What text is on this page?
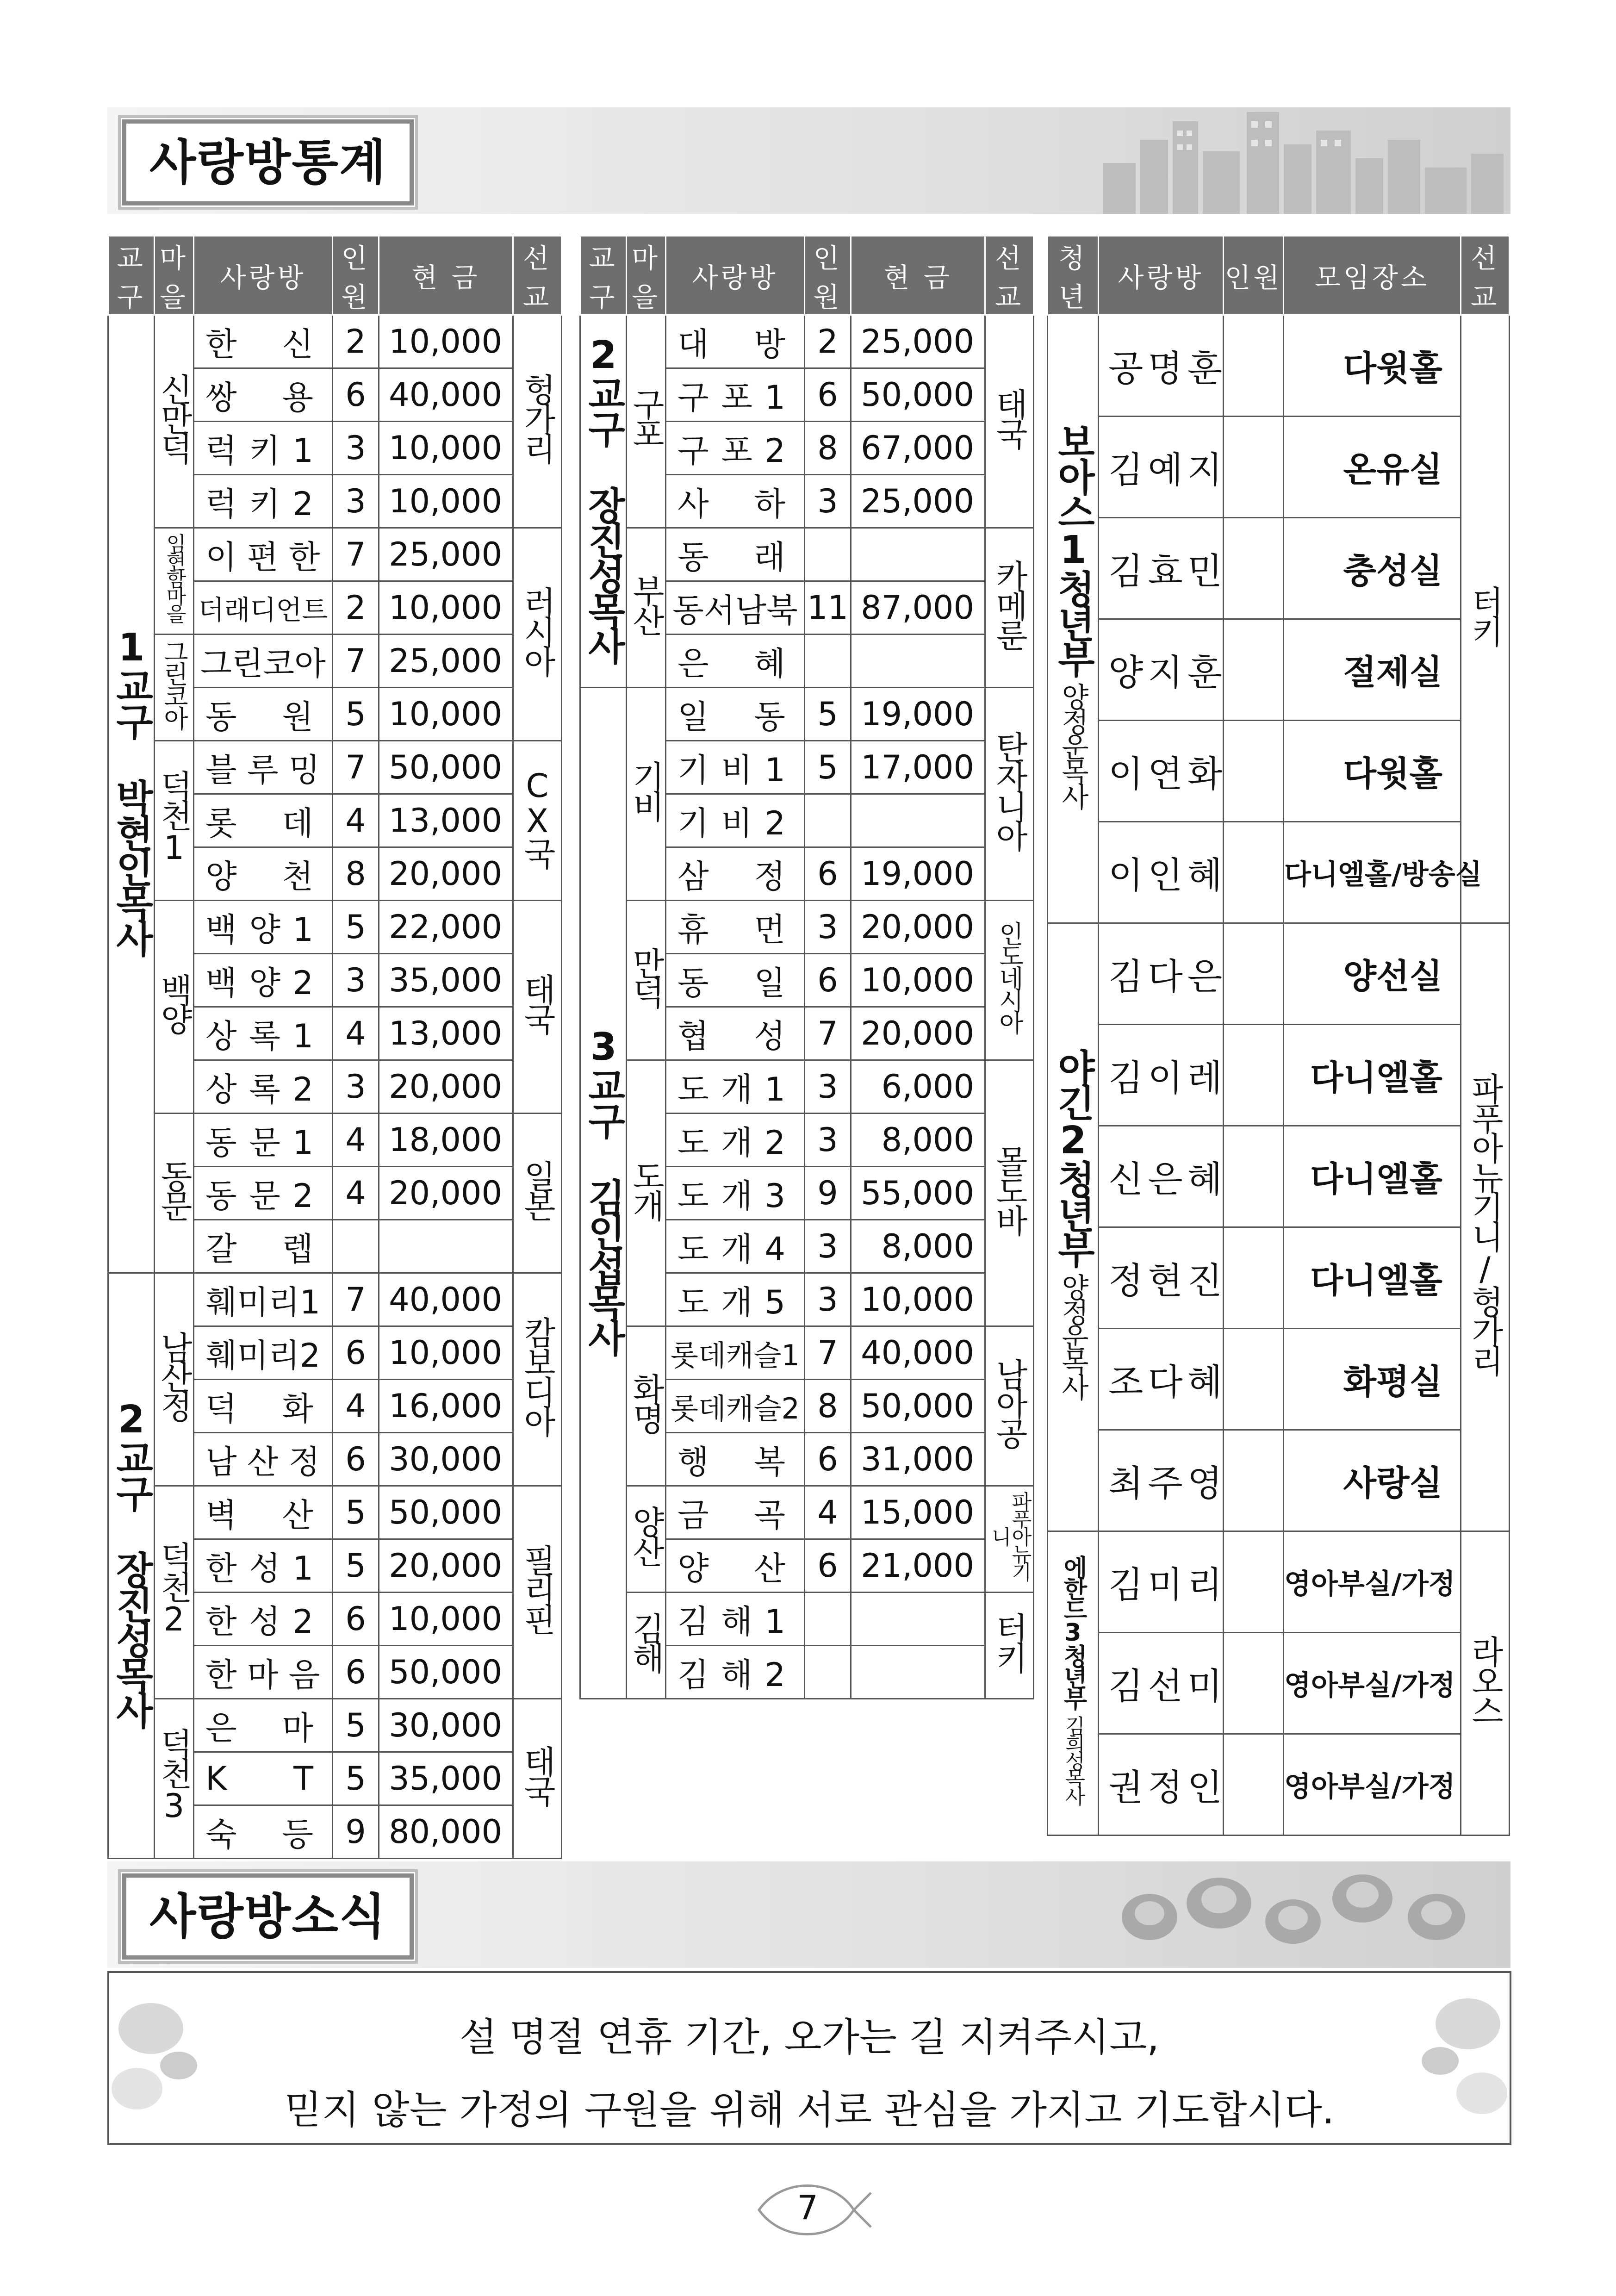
사랑방통계
교구	마을	사랑방	인원	현 금	선교
1교구 박현인목사	신만덕	한 신	2	10,000	헝가리
		쌍 용	6	40,000	
		럭 키 1	3	10,000	
		럭 키 2	3	10,000	
	임현함마을	이 편 한	7	25,000	러시아
		더래디언트	2	10,000	
	그린코아	그린코아	7	25,000	
		동 원	5	10,000	
	덕천1	블 루 밍	7	50,000	CX국
		롯 데	4	13,000	
		양 천	8	20,000	
	백양	백 양 1	5	22,000	태국
		백 양 2	3	35,000	
		상 록 1	4	13,000	
		상 록 2	3	20,000	
	동문	동 문 1	4	18,000	일본
		동 문 2	4	20,000	
		갈 렙			
2교구 장진성목사	남산정	훼미리1	7	40,000	캄보디아
		훼미리2	6	10,000	
		덕 화	4	16,000	
		남 산 정	6	30,000	
	덕천2	벽 산	5	50,000	필리핀
		한 성 1	5	20,000	
		한 성 2	6	10,000	
		한 마 음	6	50,000	
	덕천3	은 마	5	30,000	태국
		K T	5	35,000	
		숙 등	9	80,000	
교구	마을	사랑방	인원	현 금	선교
2교구 장진성목사	구포	대 방	2	25,000	태국
		구 포 1	6	50,000	
		구 포 2	8	67,000	
		사 하	3	25,000	
	부산	동 래			카메룬
		동서남북	11	87,000	
		은 혜			
3교구 김인섭목사	기비	일 동	5	19,000	탄자니아
		기 비 1	5	17,000	
		기 비 2			
		삼 정	6	19,000	
	만덕	휴 먼	3	20,000	인도네시아
		동 일	6	10,000	
		협 성	7	20,000	
	도개	도 개 1	3	6,000	몰도바
		도 개 2	3	8,000	
		도 개 3	9	55,000	
		도 개 4	3	8,000	
		도 개 5	3	10,000	
	화명	롯데캐슬1	7	40,000	남아공
		롯데캐슬2	8	50,000	
		행 복	6	31,000	
	양산	금 곡	4	15,000	파푸아뉴기니
		양 산	6	21,000	
	김해	김 해 1			터키
		김 해 2			
청년	사랑방	인원	모임장소	선교
보아스1청년부
양정운목사	공명훈		다윗홀	터키
	김예지		온유실	
	김효민		충성실	
	양지훈		절제실	
	이연화		다윗홀	
	이인혜		다니엘홀/방송실	
야긴2청년부
양정운목사	김다은		양선실	파푸아뉴기니/헝가리
	김이레		다니엘홀	
	신은혜		다니엘홀	
	정현진		다니엘홀	
	조다혜		화평실	
	최주영		사랑실	
에한드3청년부
김희성목사	김미리		영아부실/가정	라오스
	김선미		영아부실/가정	
	권정인		영아부실/가정	
사랑방소식

설 명절 연휴 기간, 오가는 길 지켜주시고,

믿지 않는 가정의 구원을 위해 서로 관심을 가지고 기도합시다.

7
